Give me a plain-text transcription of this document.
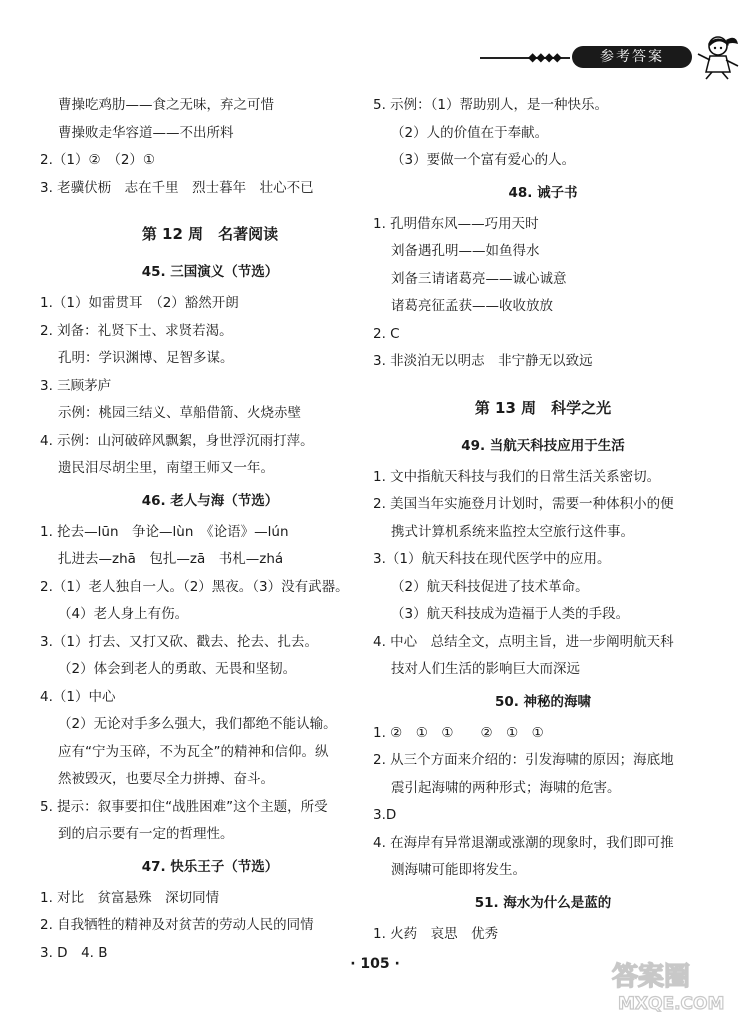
◆◆◆◆	参考答案
曹操吃鸡肋——食之无味，弃之可惜
曹操败走华容道——不出所料
2.（1）②　（2）①
3. 老骥伏枥　志在千里　烈士暮年　壮心不已
第 12 周　名著阅读
45. 三国演义（节选）
1.（1）如雷贯耳　（2）豁然开朗
2. 刘备：礼贤下士、求贤若渴。
孔明：学识渊博、足智多谋。
3. 三顾茅庐
示例：桃园三结义、草船借箭、火烧赤壁
4. 示例：山河破碎风飘絮，身世浮沉雨打萍。
遗民泪尽胡尘里，南望王师又一年。
46. 老人与海（节选）
1. 抡去—lūn　争论—lùn　《论语》—lún
扎进去—zhā　包扎—zā　书札—zhá
2.（1）老人独自一人。（2）黑夜。（3）没有武器。
（4）老人身上有伤。
3.（1）打去、又打又砍、戳去、抡去、扎去。
（2）体会到老人的勇敢、无畏和坚韧。
4.（1）中心
（2）无论对手多么强大，我们都绝不能认输。
应有“宁为玉碎，不为瓦全”的精神和信仰。纵
然被毁灭，也要尽全力拼搏、奋斗。
5. 提示：叙事要扣住“战胜困难”这个主题，所受
到的启示要有一定的哲理性。
47. 快乐王子（节选）
1. 对比　贫富悬殊　深切同情
2. 自我牺牲的精神及对贫苦的劳动人民的同情
3. D　4. B
5. 示例：（1）帮助别人，是一种快乐。
（2）人的价值在于奉献。
（3）要做一个富有爱心的人。
48. 诫子书
1. 孔明借东风——巧用天时
刘备遇孔明——如鱼得水
刘备三请诸葛亮——诚心诚意
诸葛亮征孟获——收收放放
2. C
3. 非淡泊无以明志　非宁静无以致远
第 13 周　科学之光
49. 当航天科技应用于生活
1. 文中指航天科技与我们的日常生活关系密切。
2. 美国当年实施登月计划时，需要一种体积小的便
携式计算机系统来监控太空旅行这件事。
3.（1）航天科技在现代医学中的应用。
（2）航天科技促进了技术革命。
（3）航天科技成为造福于人类的手段。
4. 中心　总结全文，点明主旨，进一步阐明航天科
技对人们生活的影响巨大而深远
50. 神秘的海啸
1. ②　①　①　　②　①　①
2. 从三个方面来介绍的：引发海啸的原因；海底地
震引起海啸的两种形式；海啸的危害。
3.D
4. 在海岸有异常退潮或涨潮的现象时，我们即可推
测海啸可能即将发生。
51. 海水为什么是蓝的
1. 火药　哀思　优秀
· 105 ·	答案圈
MXQE.COM
